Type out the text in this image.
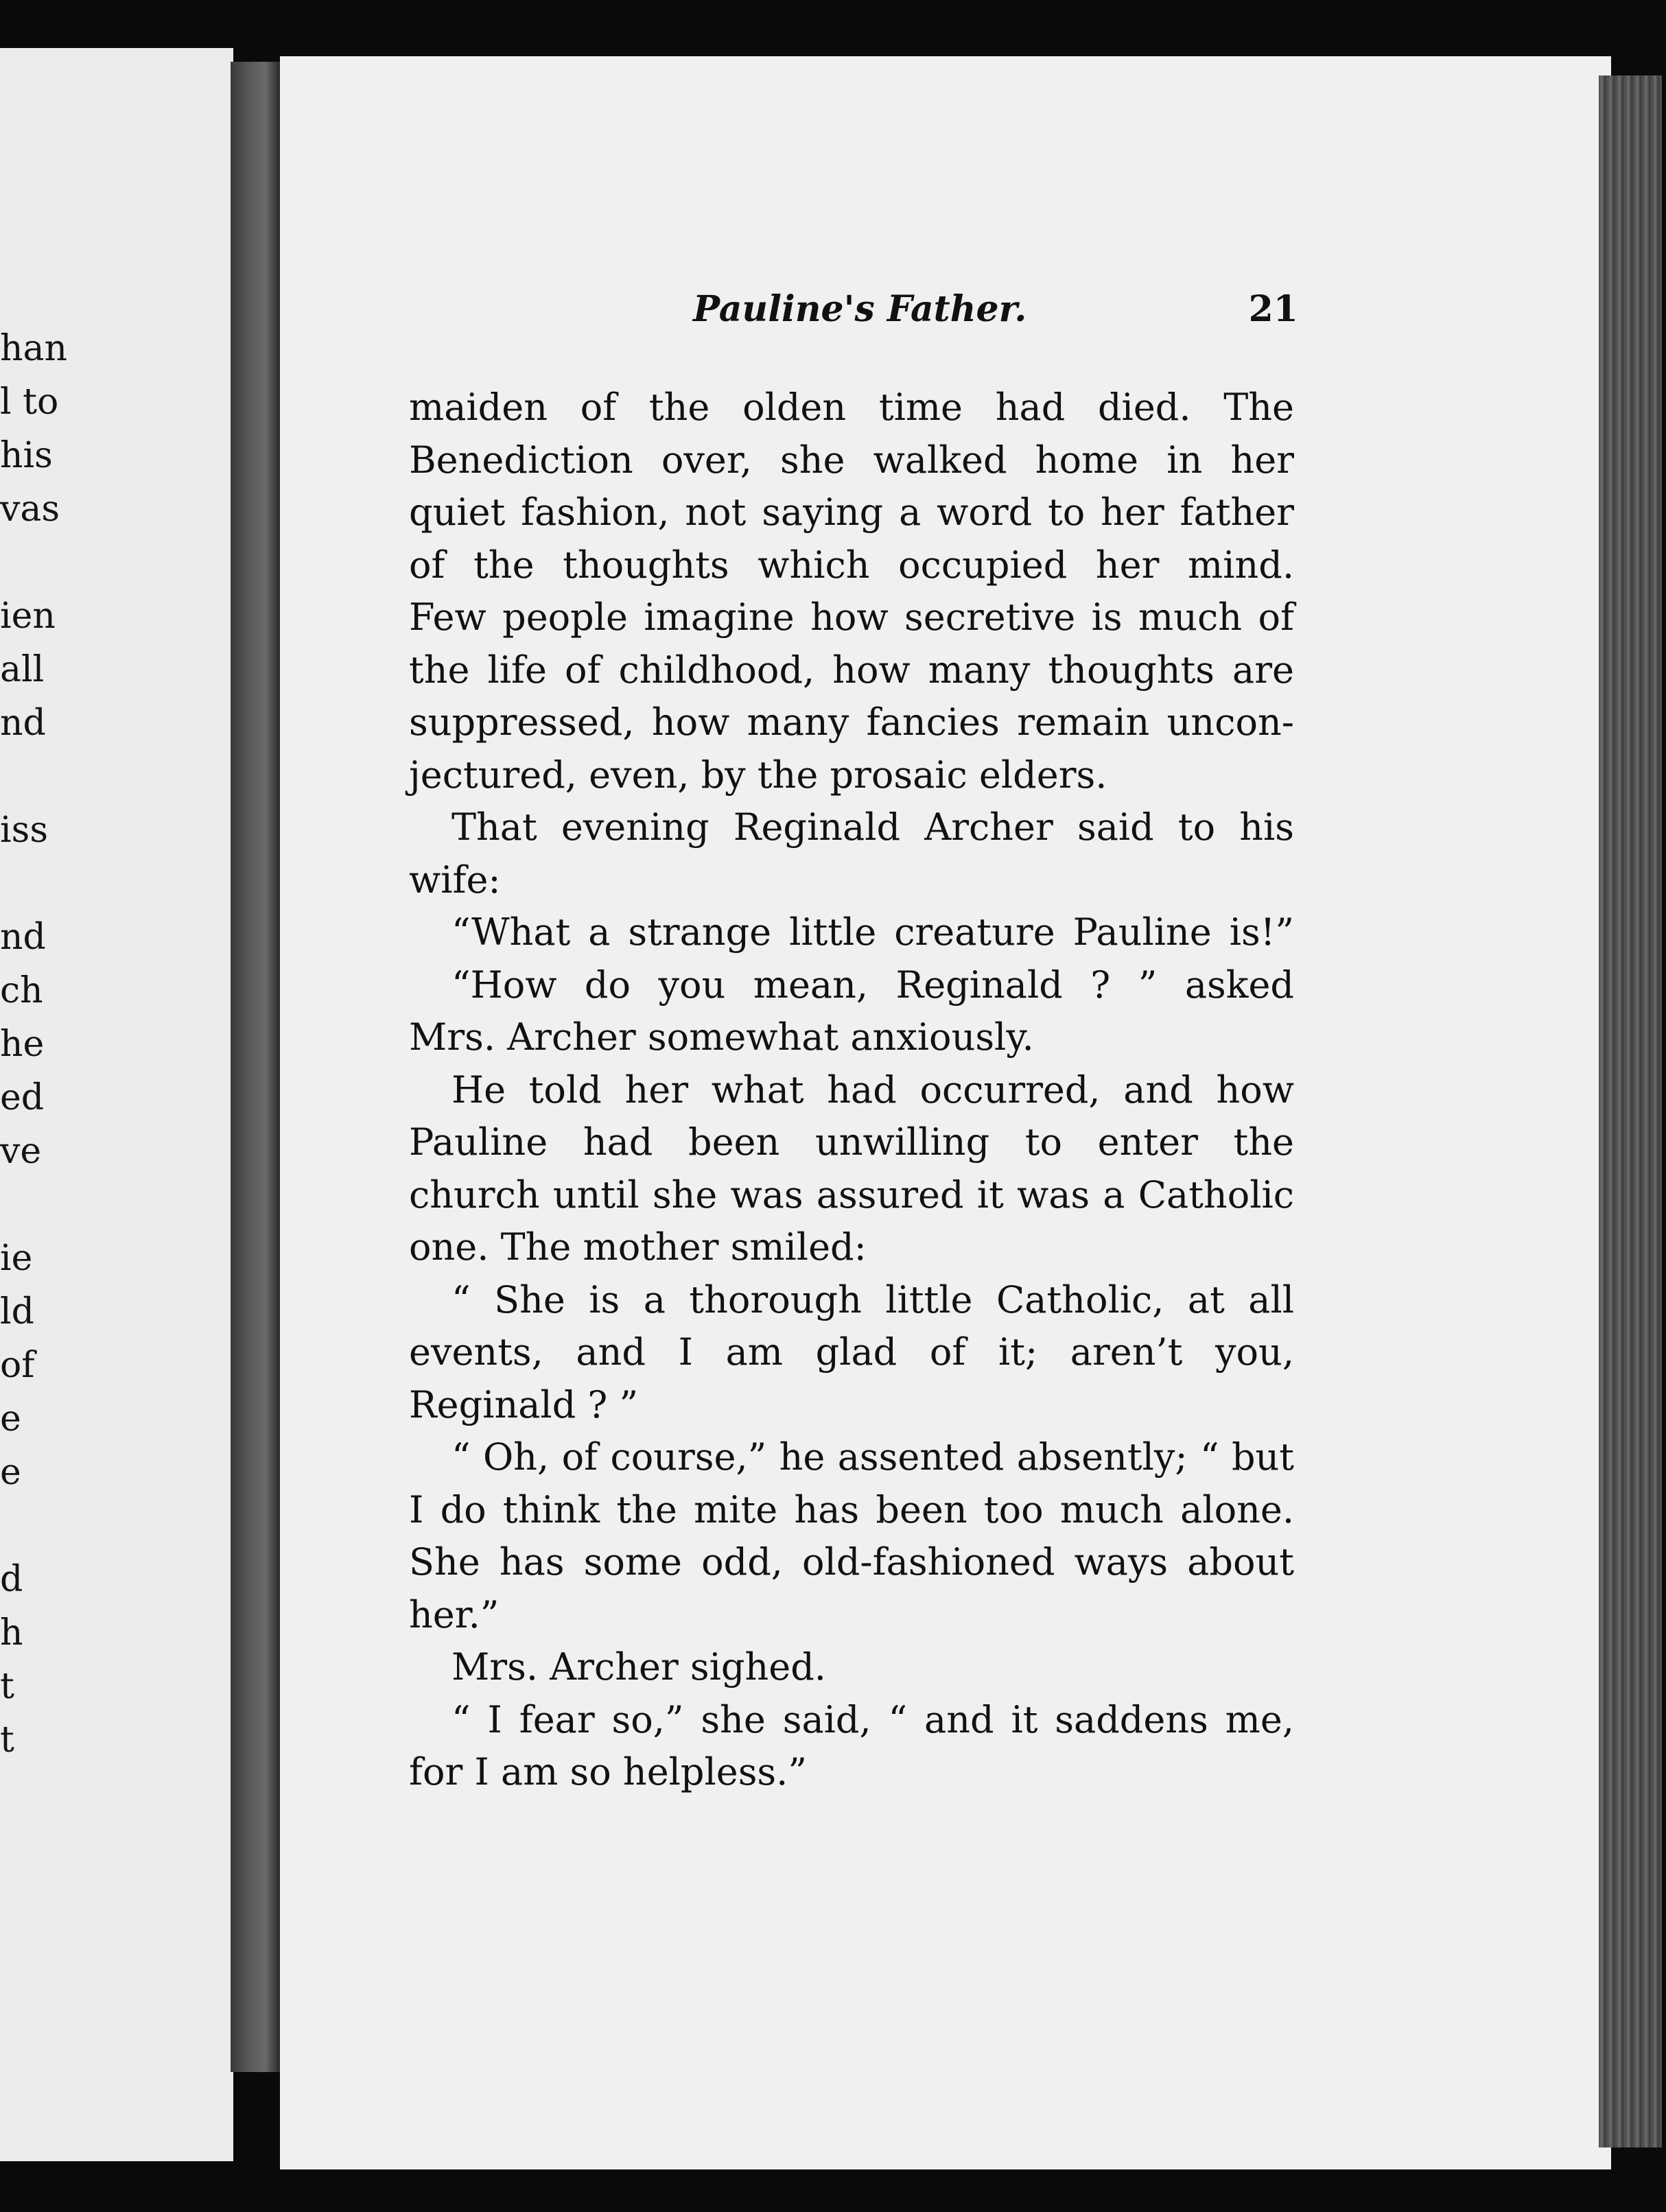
han
l to
his
vas
ien
all
nd
iss
nd
ch
he
ed
ve
ie
ld
of
e
e
d
h
t
t
Pauline's Father.	21
maiden of the olden time had died. The
Benediction over, she walked home in her
quiet fashion, not saying a word to her father
of the thoughts which occupied her mind.
Few people imagine how secretive is much of
the life of childhood, how many thoughts are
suppressed, how many fancies remain uncon-
jectured, even, by the prosaic elders.
That evening Reginald Archer said to his
wife:
“What a strange little creature Pauline is!”
“How do you mean, Reginald ? ” asked
Mrs. Archer somewhat anxiously.
He told her what had occurred, and how
Pauline had been unwilling to enter the
church until she was assured it was a Catholic
one. The mother smiled:
“ She is a thorough little Catholic, at all
events, and I am glad of it; aren’t you,
Reginald ? ”
“ Oh, of course,” he assented absently; “ but
I do think the mite has been too much alone.
She has some odd, old-fashioned ways about
her.”
Mrs. Archer sighed.
“ I fear so,” she said, “ and it saddens me,
for I am so helpless.”
